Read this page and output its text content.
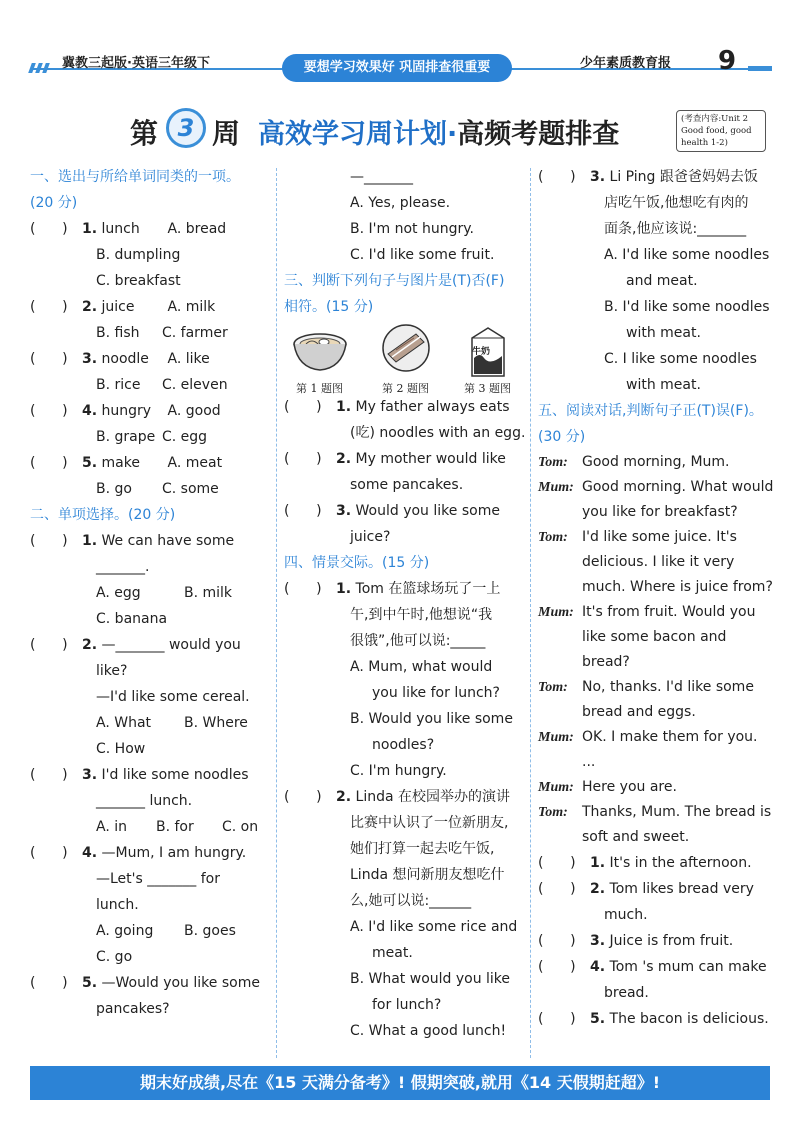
冀教三起版·英语三年级下	要想学习效果好 巩固排查很重要	少年素质教育报 9
第 3 周 高效学习周计划·高频考题排查	(考查内容:Unit 2 Good food, good health 1-2)
一、选出与所给单词同类的一项。
(20 分)
(      ) 1. lunch A. bread
B. dumpling
C. breakfast
(      ) 2. juice A. milk
B. fish C. farmer
(      ) 3. noodle A. like
B. rice C. eleven
(      ) 4. hungry A. good
B. grape C. egg
(      ) 5. make A. meat
B. go C. some
二、单项选择。(20 分)
(      ) 1. We can have some
_______.
A. egg	B. milk
C. banana
(      ) 2. —_______ would you
like?
—I'd like some cereal.
A. What B. Where
C. How
(      ) 3. I'd like some noodles
_______ lunch.
A. in B. for C. on
(      ) 4. —Mum, I am hungry.
—Let's _______ for
lunch.
A. going B. goes
C. go
(      ) 5. —Would you like some
pancakes?
—_______
A. Yes, please.
B. I'm not hungry.
C. I'd like some fruit.
三、判断下列句子与图片是(T)否(F)
相符。(15 分)
牛奶
第 1 题图	第 2 题图	第 3 题图
(      ) 1. My father always eats
(吃) noodles with an egg.
(      ) 2. My mother would like
some pancakes.
(      ) 3. Would you like some
juice?
四、情景交际。(15 分)
(      ) 1. Tom 在篮球场玩了一上
午,到中午时,他想说“我
很饿”,他可以说:_____
A. Mum, what would
you like for lunch?
B. Would you like some
noodles?
C. I'm hungry.
(      ) 2. Linda 在校园举办的演讲
比赛中认识了一位新朋友,
她们打算一起去吃午饭,
Linda 想问新朋友想吃什
么,她可以说:______
A. I'd like some rice and
meat.
B. What would you like
for lunch?
C. What a good lunch!
(      ) 3. Li Ping 跟爸爸妈妈去饭
店吃午饭,他想吃有肉的
面条,他应该说:_______
A. I'd like some noodles
and meat.
B. I'd like some noodles
with meat.
C. I like some noodles
with meat.
五、阅读对话,判断句子正(T)误(F)。
(30 分)
Tom:	Good morning, Mum.
Mum: Good morning. What would you like for breakfast?
Tom:	I'd like some juice. It's delicious. I like it very much. Where is juice from?
Mum: It's from fruit. Would you like some bacon and bread?
Tom:	No, thanks. I'd like some bread and eggs.
Mum: OK. I make them for you.
...
Mum: Here you are.
Tom:	Thanks, Mum. The bread is soft and sweet.
(      ) 1. It's in the afternoon.
(      ) 2. Tom likes bread very
much.
(      ) 3. Juice is from fruit.
(      ) 4. Tom 's mum can make
bread.
(      ) 5. The bacon is delicious.
期末好成绩,尽在《15 天满分备考》! 假期突破,就用《14 天假期赶超》!
